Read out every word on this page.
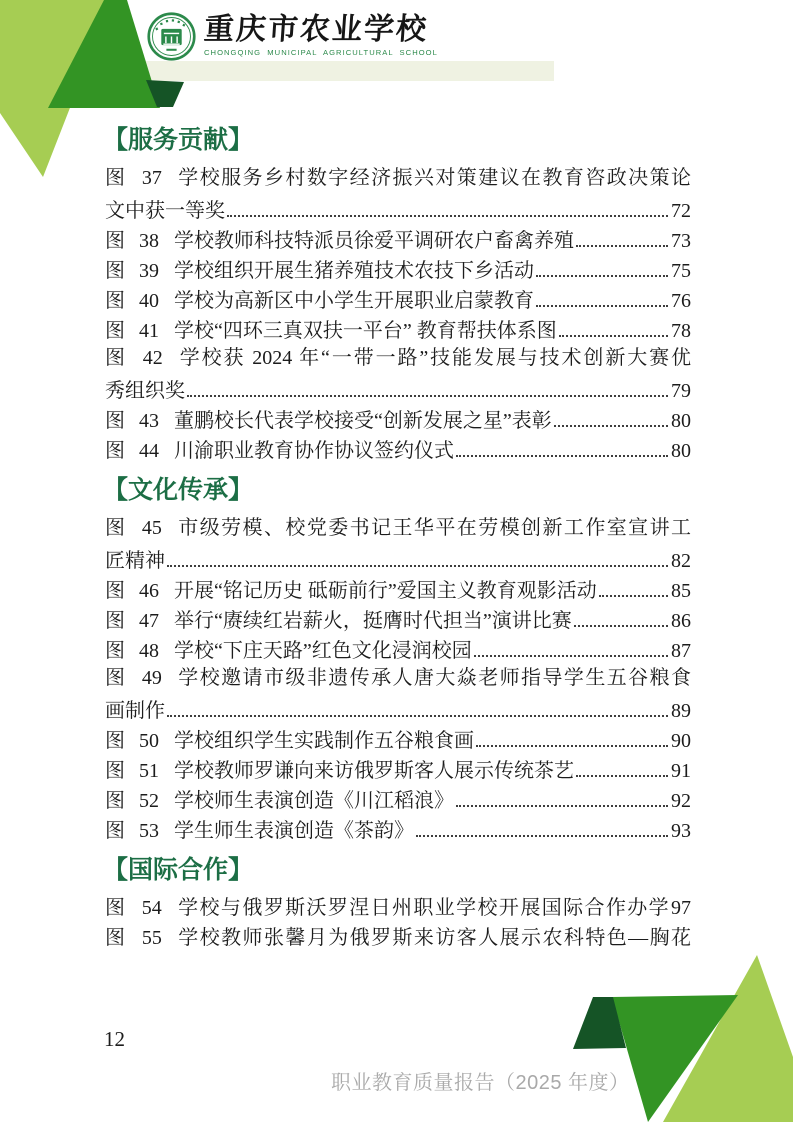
重庆市农业学校
CHONGQING MUNICIPAL AGRICULTURAL SCHOOL
【服务贡献】
图 37 学校服务乡村数字经济振兴对策建议在教育咨政决策论
文中获一等奖	72
图 38 学校教师科技特派员徐爱平调研农户畜禽养殖	73
图 39 学校组织开展生猪养殖技术农技下乡活动	75
图 40 学校为高新区中小学生开展职业启蒙教育	76
图 41 学校“四环三真双扶一平台” 教育帮扶体系图	78
图 42 学校获 2024 年“一带一路”技能发展与技术创新大赛优
秀组织奖	79
图 43 董鹏校长代表学校接受“创新发展之星”表彰	80
图 44 川渝职业教育协作协议签约仪式	80
【文化传承】
图 45 市级劳模、校党委书记王华平在劳模创新工作室宣讲工
匠精神	82
图 46 开展“铭记历史 砥砺前行”爱国主义教育观影活动	85
图 47 举行“赓续红岩薪火，挺膺时代担当”演讲比赛	86
图 48 学校“下庄天路”红色文化浸润校园	87
图 49 学校邀请市级非遗传承人唐大焱老师指导学生五谷粮食
画制作	89
图 50 学校组织学生实践制作五谷粮食画	90
图 51 学校教师罗谦向来访俄罗斯客人展示传统茶艺	91
图 52 学校师生表演创造《川江稻浪》	92
图 53 学生师生表演创造《茶韵》	93
【国际合作】
图 54 学校与俄罗斯沃罗涅日州职业学校开展国际合作办学97
图 55 学校教师张馨月为俄罗斯来访客人展示农科特色—胸花
12
职业教育质量报告（2025 年度）
